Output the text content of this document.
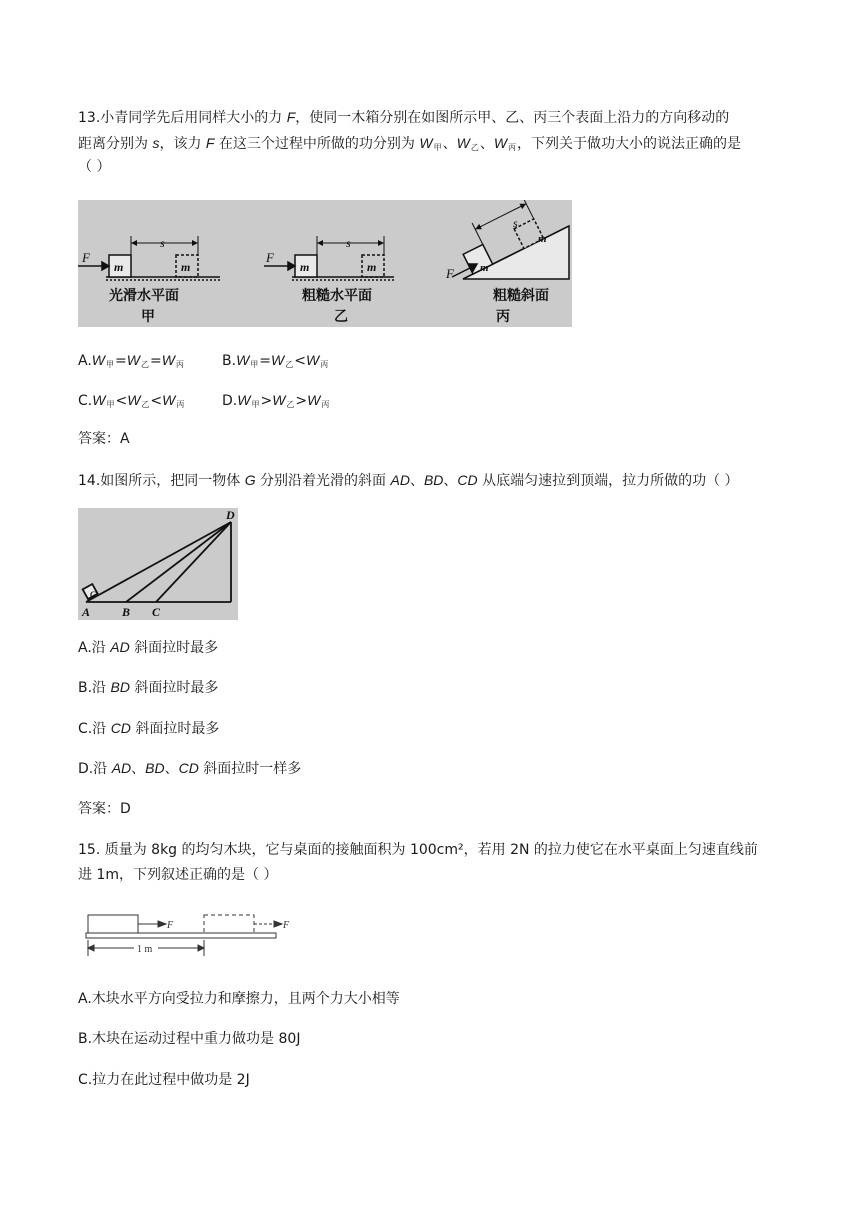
13.小青同学先后用同样大小的力 F，使同一木箱分别在如图所示甲、乙、丙三个表面上沿力的方向移动的
距离分别为 s，该力 F 在这三个过程中所做的功分别为 $W_甲$、$W_乙$、$W_丙$，下列关于做功大小的说法正确的是
（ ）
F
m	m
s
光滑水平面
甲
F
m	m
s
粗糙水平面
乙
F m
m
s
粗糙斜面
丙
$A.W_甲=W_乙=W_丙$	$B.W_甲=W_乙<W_丙$
$C.W_甲<W_乙<W_丙$	$D.W_甲>W_乙>W_丙$
答案：A
14.如图所示，把同一物体 G 分别沿着光滑的斜面 AD、BD、CD 从底端匀速拉到顶端，拉力所做的功（ ）
G
A	B C
D
A.沿 AD 斜面拉时最多
B.沿 BD 斜面拉时最多
C.沿 CD 斜面拉时最多
D.沿 AD、BD、CD 斜面拉时一样多
答案：D
15. 质量为 8kg 的均匀木块，它与桌面的接触面积为 100cm²，若用 2N 的拉力使它在水平桌面上匀速直线前
进 1m，下列叙述正确的是（ ）
F	F
1 m
A.木块水平方向受拉力和摩擦力，且两个力大小相等
B.木块在运动过程中重力做功是 80J
C.拉力在此过程中做功是 2J
